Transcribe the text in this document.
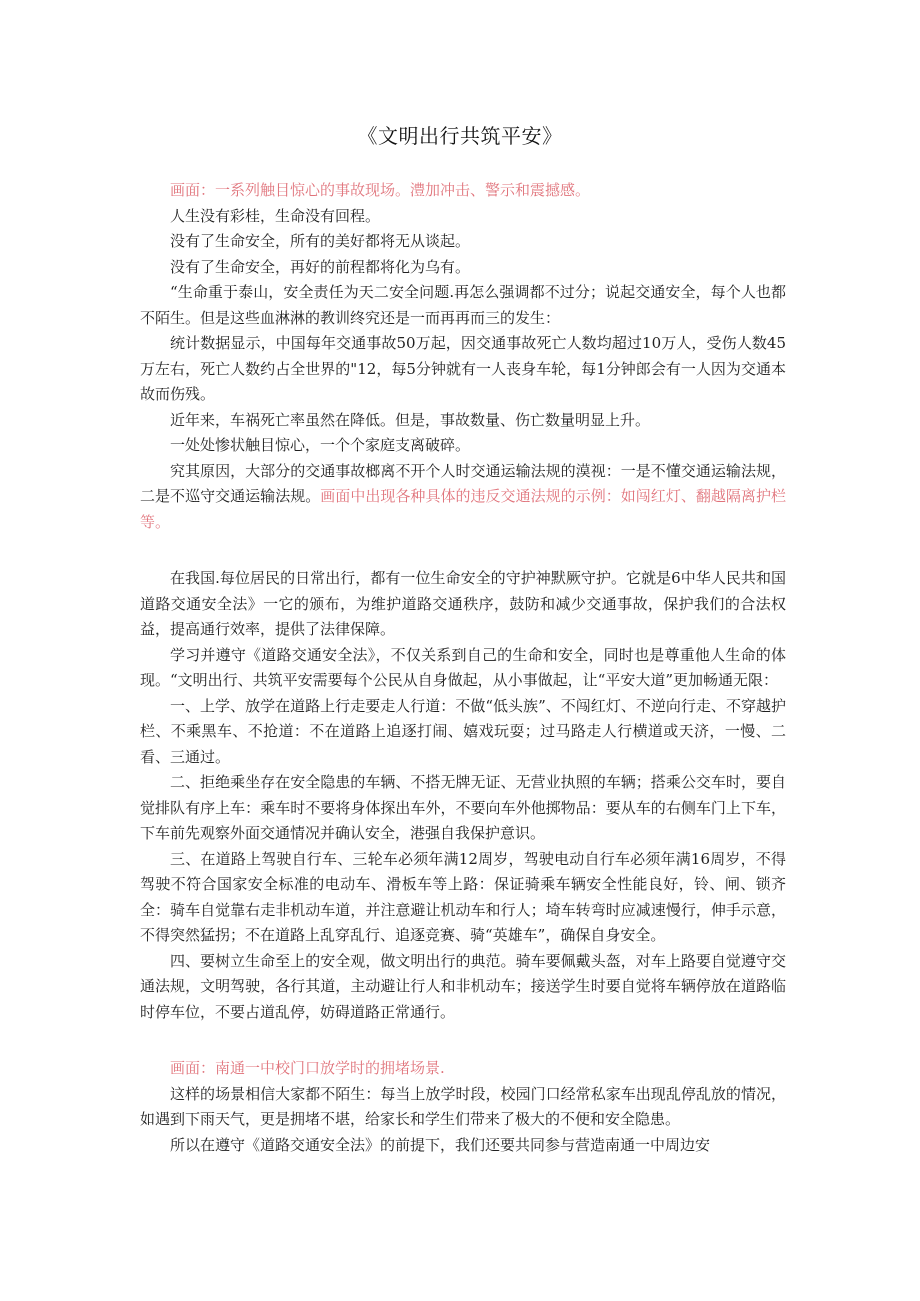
《文明出行共筑平安》

画面：一系列触目惊心的事故现场。澧加冲击、警示和震撼感。

人生没有彩桂，生命没有回程。

没有了生命安全，所有的美好都将无从谈起。

没有了生命安全，再好的前程都将化为乌有。

“生命重于泰山，安全责任为天二安全问题.再怎么强调都不过分；说起交通安全，每个人也都不陌生。但是这些血淋淋的教训终究还是一而再再而三的发生：

统计数据显示，中国每年交通事故50万起，因交通事故死亡人数均超过10万人，受伤人数45万左右，死亡人数约占全世界的"12，每5分钟就有一人丧身车轮，每1分钟郎会有一人因为交通本故而伤残。

近年来，车祸死亡率虽然在降低。但是，事故数量、伤亡数量明显上升。

一处处惨状触目惊心，一个个家庭支离破碎。

究其原因，大部分的交通事故榔离不开个人时交通运输法规的漠视：一是不懂交通运输法规，二是不巡守交通运输法规。画面中出现各种具体的违反交通法规的示例：如闯红灯、翻越隔离护栏等。

在我国.每位居民的日常出行，都有一位生命安全的守护神默厥守护。它就是6中华人民共和国道路交通安全法》一它的颁布，为维护道路交通秩序，鼓防和减少交通事故，保护我们的合法权益，提高通行效率，提供了法律保障。

学习并遵守《道路交通安全法》，不仅关系到自己的生命和安全，同时也是尊重他人生命的体现。“文明出行、共筑平安需要每个公民从自身做起，从小事做起，让“平安大道”更加畅通无限：

一、上学、放学在道路上行走要走人行道：不做“低头族”、不闯红灯、不逆向行走、不穿越护栏、不乘黑车、不抢道：不在道路上追逐打闹、嬉戏玩耍；过马路走人行横道或天济，一慢、二看、三通过。

二、拒绝乘坐存在安全隐患的车辆、不搭无牌无证、无营业执照的车辆；搭乘公交车时，要自觉排队有序上车：乘车时不要将身体探出车外，不要向车外他掷物品：要从车的右侧车门上下车，下车前先观察外面交通情况并确认安全，港强自我保护意识。

三、在道路上驾驶自行车、三轮车必须年满12周岁，驾驶电动自行车必须年满16周岁，不得驾驶不符合国家安全标准的电动车、滑板车等上路：保证骑乘车辆安全性能良好，铃、闸、锁齐全：骑车自觉靠右走非机动车道，并注意避让机动车和行人；埼车转弯时应减速慢行，伸手示意，不得突然猛拐；不在道路上乱穿乱行、追逐竞赛、骑“英雄车”，确保自身安全。

四、要树立生命至上的安全观，做文明出行的典范。骑车要佩戴头盔，对车上路要自觉遵守交通法规，文明驾驶，各行其道，主动避让行人和非机动车；接送学生时要自觉将车辆停放在道路临时停车位，不要占道乱停，妨碍道路正常通行。

画面：南通一中校门口放学时的拥堵场景.

这样的场景相信大家都不陌生：每当上放学时段，校园门口经常私家车出现乱停乱放的情况，如遇到下雨天气，更是拥堵不堪，给家长和学生们带来了极大的不便和安全隐患。

所以在遵守《道路交通安全法》的前提下，我们还要共同参与营造南通一中周边安
